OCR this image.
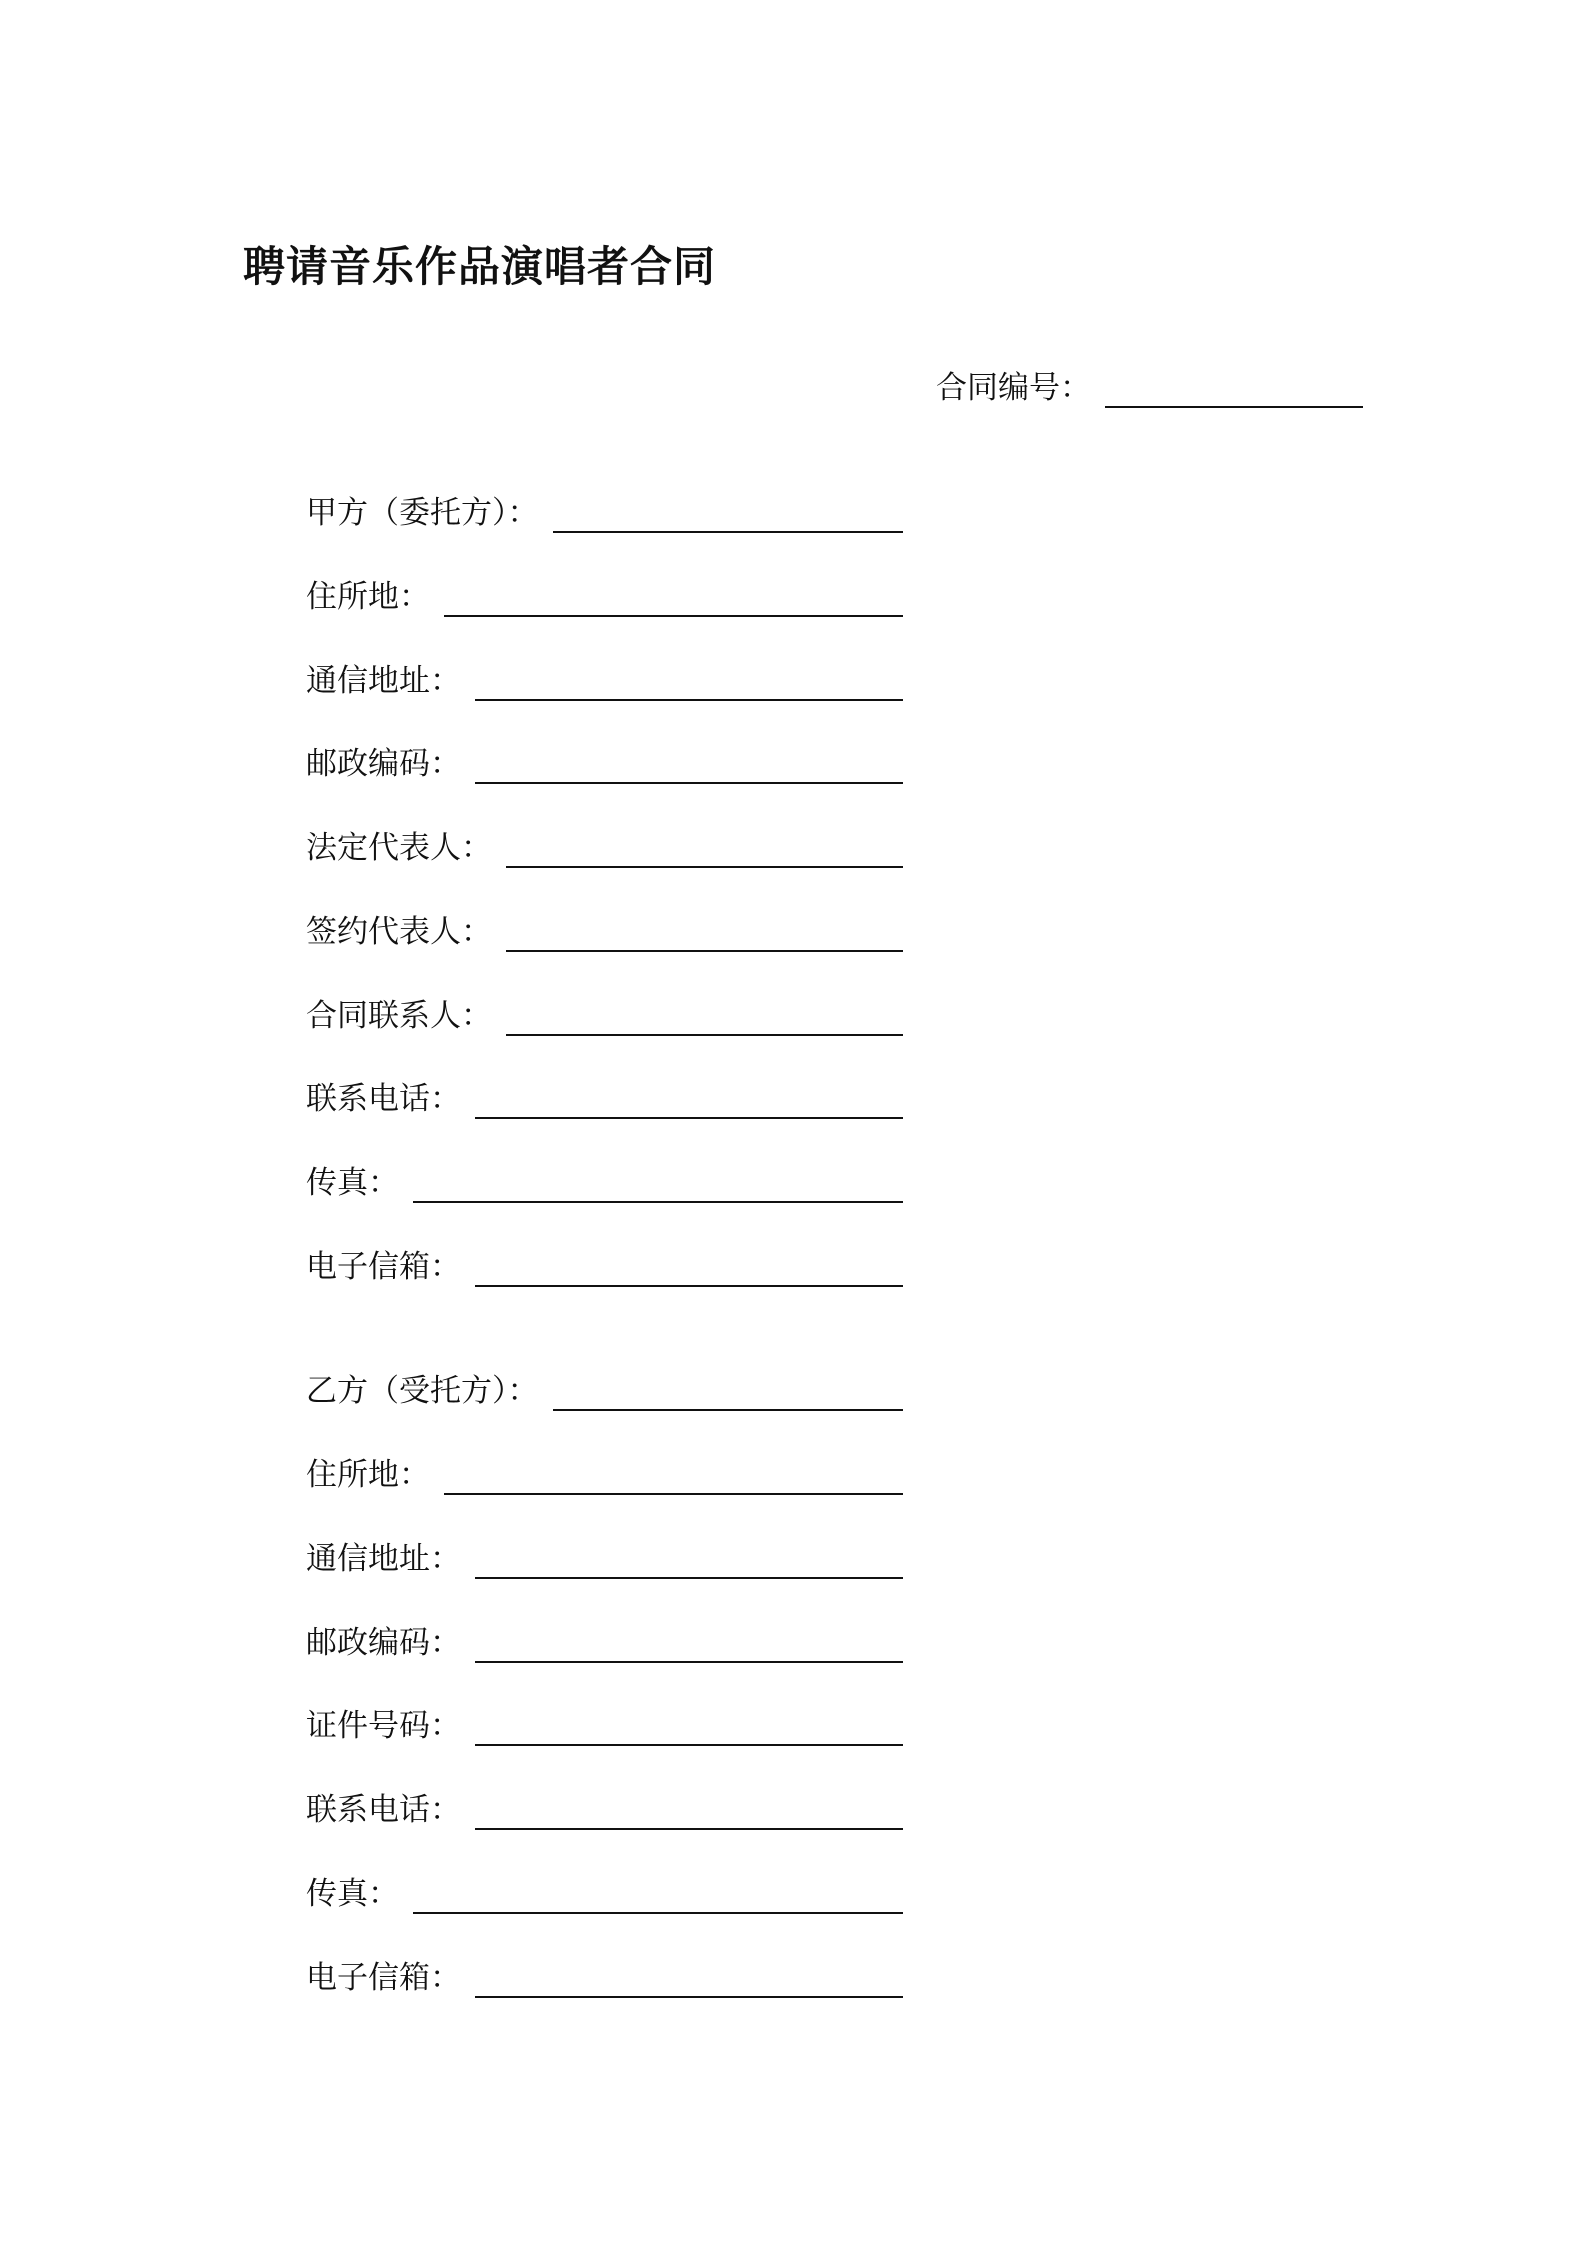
聘请音乐作品演唱者合同
合同编号：
甲方（委托方）：
住所地：
通信地址：
邮政编码：
法定代表人：
签约代表人：
合同联系人：
联系电话：
传真：
电子信箱：
乙方（受托方）：
住所地：
通信地址：
邮政编码：
证件号码：
联系电话：
传真：
电子信箱：
